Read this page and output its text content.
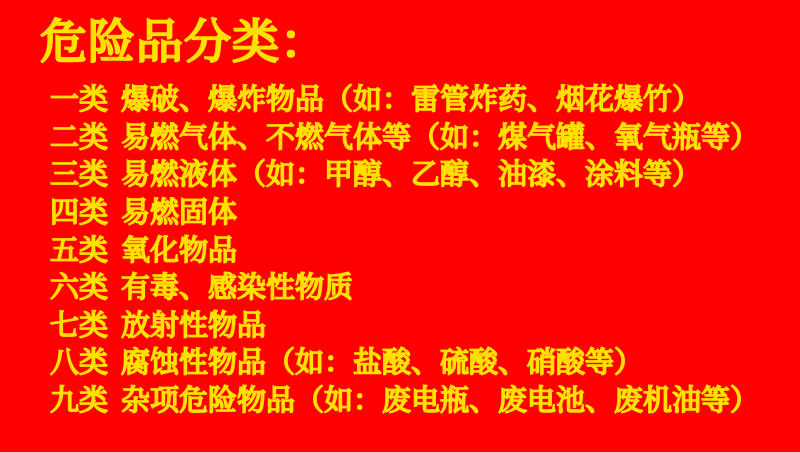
危险品分类：
一类 爆破、爆炸物品（如：雷管炸药、烟花爆竹）
二类 易燃气体、不燃气体等（如：煤气罐、氧气瓶等）
三类 易燃液体（如：甲醇、乙醇、油漆、涂料等）
四类 易燃固体
五类 氧化物品
六类 有毒、感染性物质
七类 放射性物品
八类 腐蚀性物品（如：盐酸、硫酸、硝酸等）
九类 杂项危险物品（如：废电瓶、废电池、废机油等）
